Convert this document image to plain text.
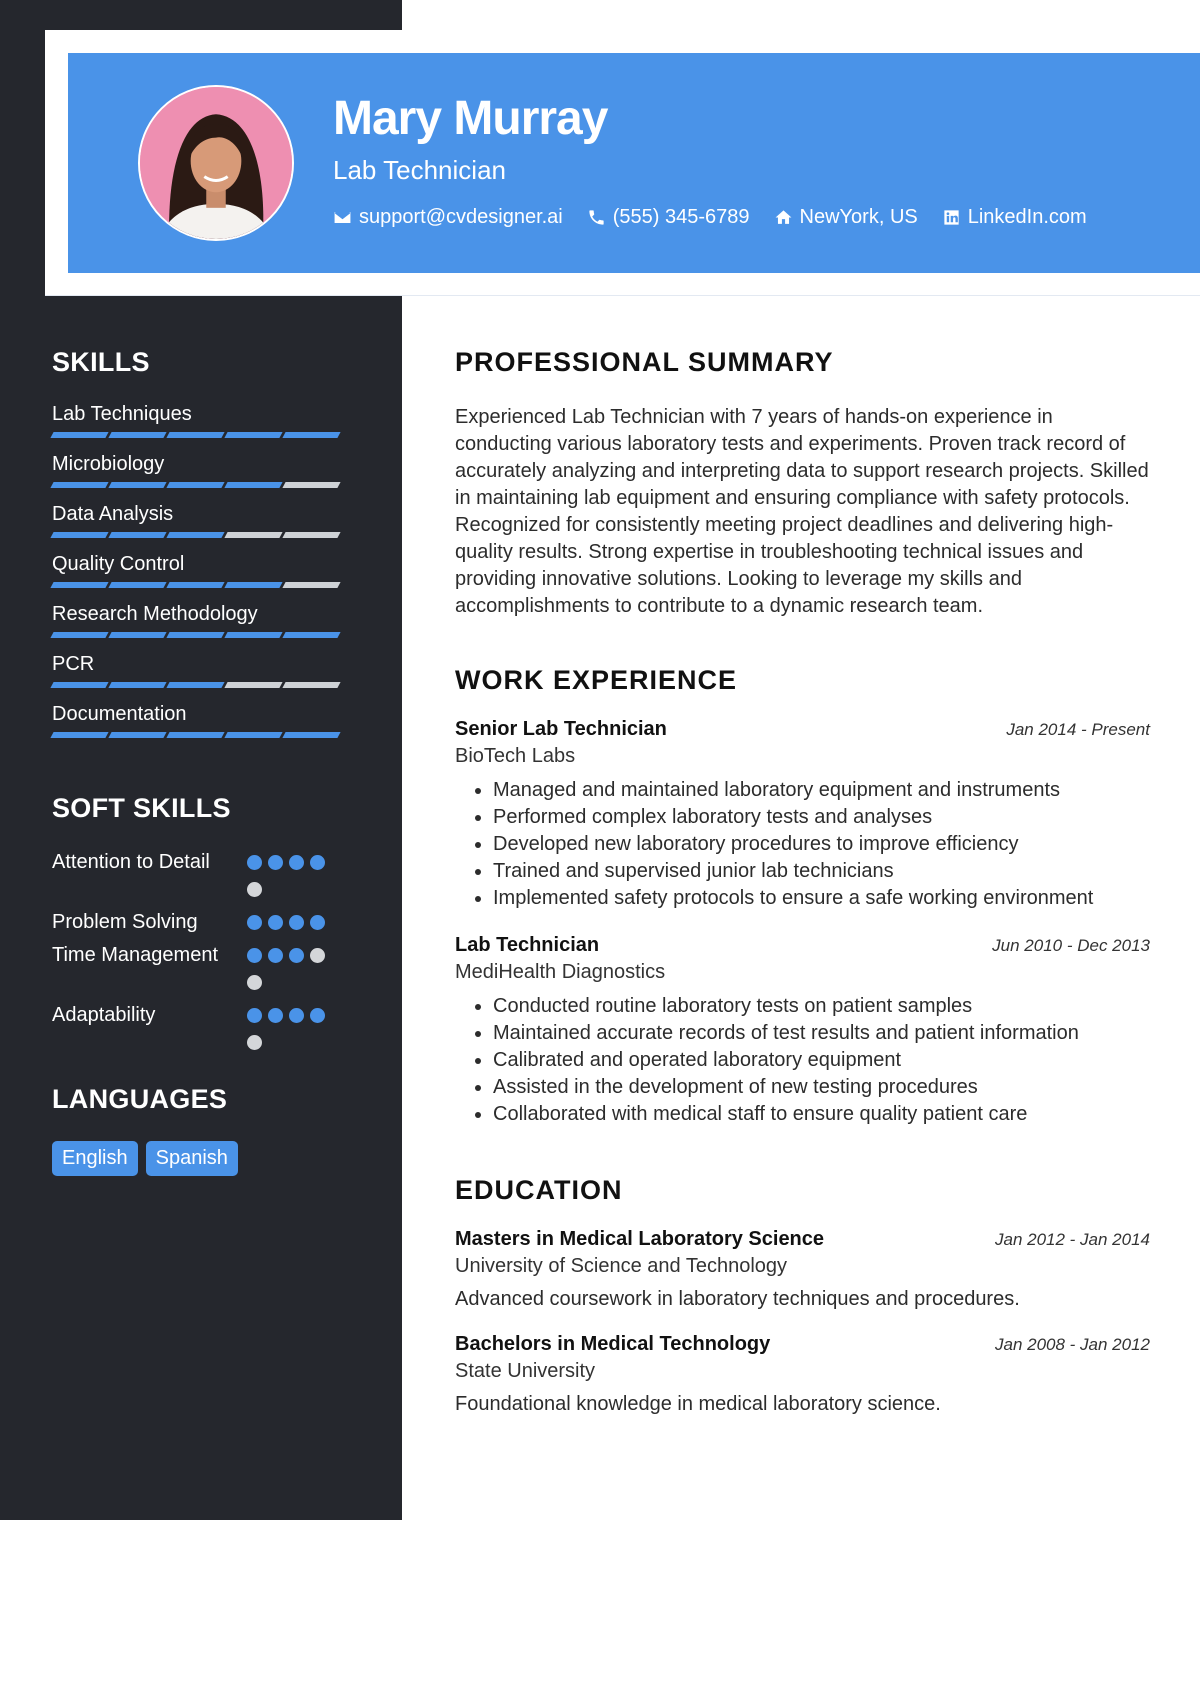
Mary Murray
Lab Technician
support@cvdesigner.ai	(555) 345-6789	NewYork, US	LinkedIn.com
SKILLS
Lab Techniques
Microbiology
Data Analysis
Quality Control
Research Methodology
PCR
Documentation
SOFT SKILLS
Attention to Detail
Problem Solving
Time Management
Adaptability
LANGUAGES
English	Spanish
PROFESSIONAL SUMMARY

Experienced Lab Technician with 7 years of hands-on experience in conducting various laboratory tests and experiments. Proven track record of accurately analyzing and interpreting data to support research projects. Skilled in maintaining lab equipment and ensuring compliance with safety protocols. Recognized for consistently meeting project deadlines and delivering high-quality results. Strong expertise in troubleshooting technical issues and providing innovative solutions. Looking to leverage my skills and accomplishments to contribute to a dynamic research team.

WORK EXPERIENCE
Senior Lab Technician	Jan 2014 - Present
BioTech Labs
• Managed and maintained laboratory equipment and instruments
• Performed complex laboratory tests and analyses
• Developed new laboratory procedures to improve efficiency
• Trained and supervised junior lab technicians
• Implemented safety protocols to ensure a safe working environment
Lab Technician	Jun 2010 - Dec 2013
MediHealth Diagnostics
• Conducted routine laboratory tests on patient samples
• Maintained accurate records of test results and patient information
• Calibrated and operated laboratory equipment
• Assisted in the development of new testing procedures
• Collaborated with medical staff to ensure quality patient care
EDUCATION
Masters in Medical Laboratory Science	Jan 2012 - Jan 2014
University of Science and Technology
Advanced coursework in laboratory techniques and procedures.
Bachelors in Medical Technology	Jan 2008 - Jan 2012
State University
Foundational knowledge in medical laboratory science.
